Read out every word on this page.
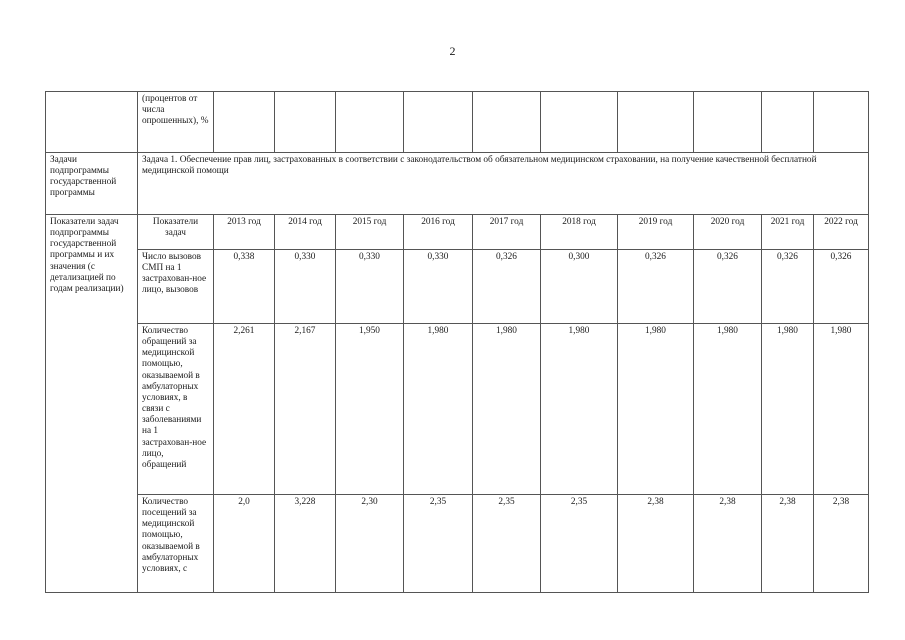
2
	(процентов от числа опрошенных), %										
Задачи подпрограммы государственной программы	Задача 1. Обеспечение прав лиц, застрахованных в соответствии с законодательством об обязательном медицинском страховании, на получение качественной бесплатной медицинской помощи										
Показатели задач подпрограммы государственной программы и их значения (с детализацией по годам реализации)	Показатели задач	2013 год	2014 год	2015 год	2016 год	2017 год	2018 год	2019 год	2020 год	2021 год	2022 год
	Число вызовов СМП на 1 застрахован-ное лицо, вызовов	0,338	0,330	0,330	0,330	0,326	0,300	0,326	0,326	0,326	0,326
	Количество обращений за медицинской помощью, оказываемой в амбулаторных условиях, в связи с заболеваниями на 1 застрахован-ное лицо, обращений	2,261	2,167	1,950	1,980	1,980	1,980	1,980	1,980	1,980	1,980
	Количество посещений за медицинской помощью, оказываемой в амбулаторных условиях, с	2,0	3,228	2,30	2,35	2,35	2,35	2,38	2,38	2,38	2,38
